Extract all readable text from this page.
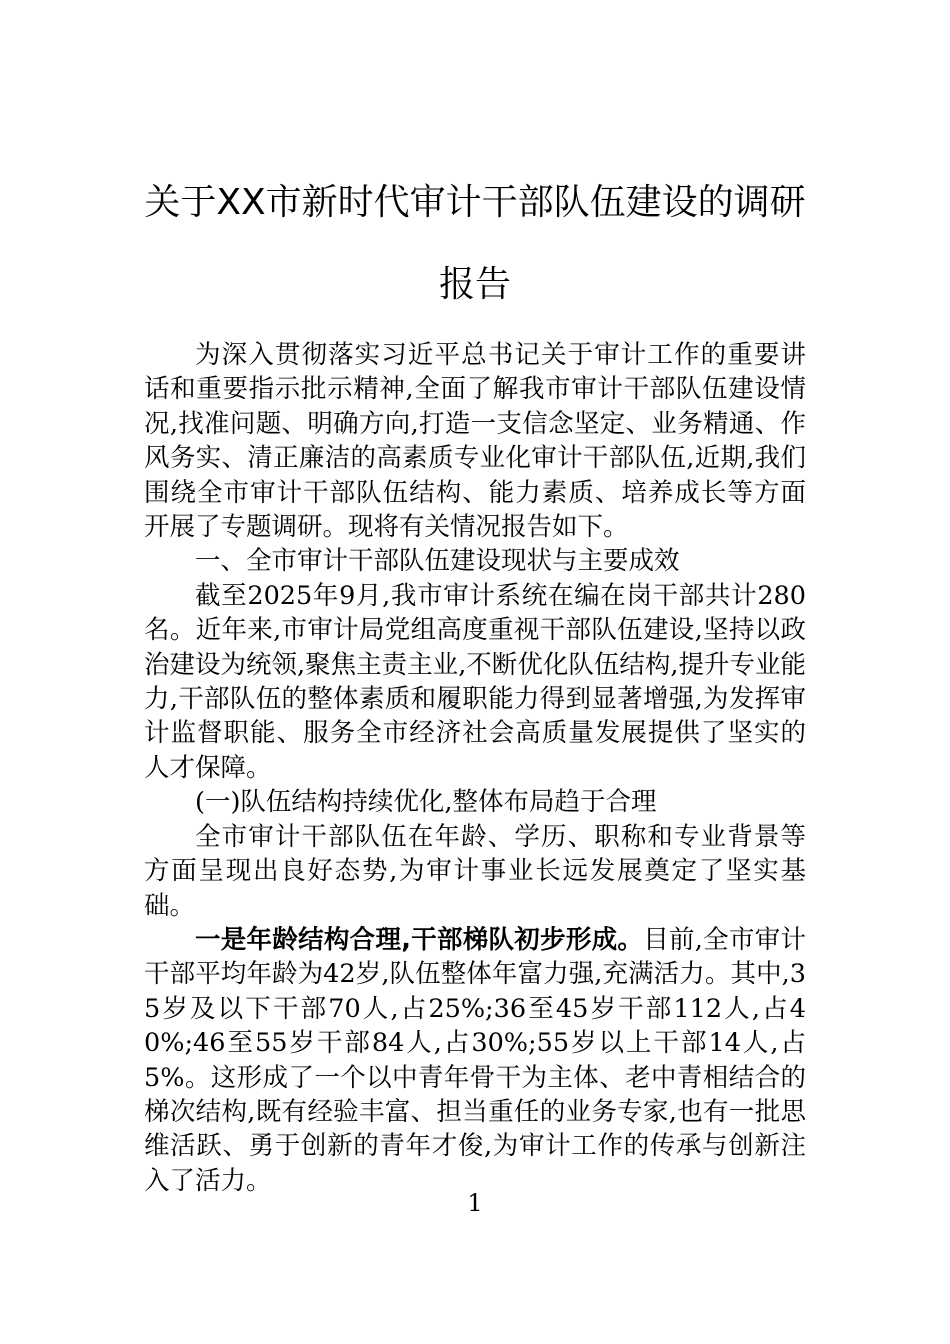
关于XX市新时代审计干部队伍建设的调研
报告

为深入贯彻落实习近平总书记关于审计工作的重要讲话和重要指示批示精神,全面了解我市审计干部队伍建设情况,找准问题、明确方向,打造一支信念坚定、业务精通、作风务实、清正廉洁的高素质专业化审计干部队伍,近期,我们围绕全市审计干部队伍结构、能力素质、培养成长等方面开展了专题调研。现将有关情况报告如下。

一、全市审计干部队伍建设现状与主要成效

截至2025年9月,我市审计系统在编在岗干部共计280名。近年来,市审计局党组高度重视干部队伍建设,坚持以政治建设为统领,聚焦主责主业,不断优化队伍结构,提升专业能力,干部队伍的整体素质和履职能力得到显著增强,为发挥审计监督职能、服务全市经济社会高质量发展提供了坚实的人才保障。

(一)队伍结构持续优化,整体布局趋于合理

全市审计干部队伍在年龄、学历、职称和专业背景等方面呈现出良好态势,为审计事业长远发展奠定了坚实基础。

一是年龄结构合理,干部梯队初步形成。目前,全市审计干部平均年龄为42岁,队伍整体年富力强,充满活力。其中,35岁及以下干部70人,占25%;36至45岁干部112人,占40%;46至55岁干部84人,占30%;55岁以上干部14人,占5%。这形成了一个以中青年骨干为主体、老中青相结合的梯次结构,既有经验丰富、担当重任的业务专家,也有一批思维活跃、勇于创新的青年才俊,为审计工作的传承与创新注入了活力。

1
